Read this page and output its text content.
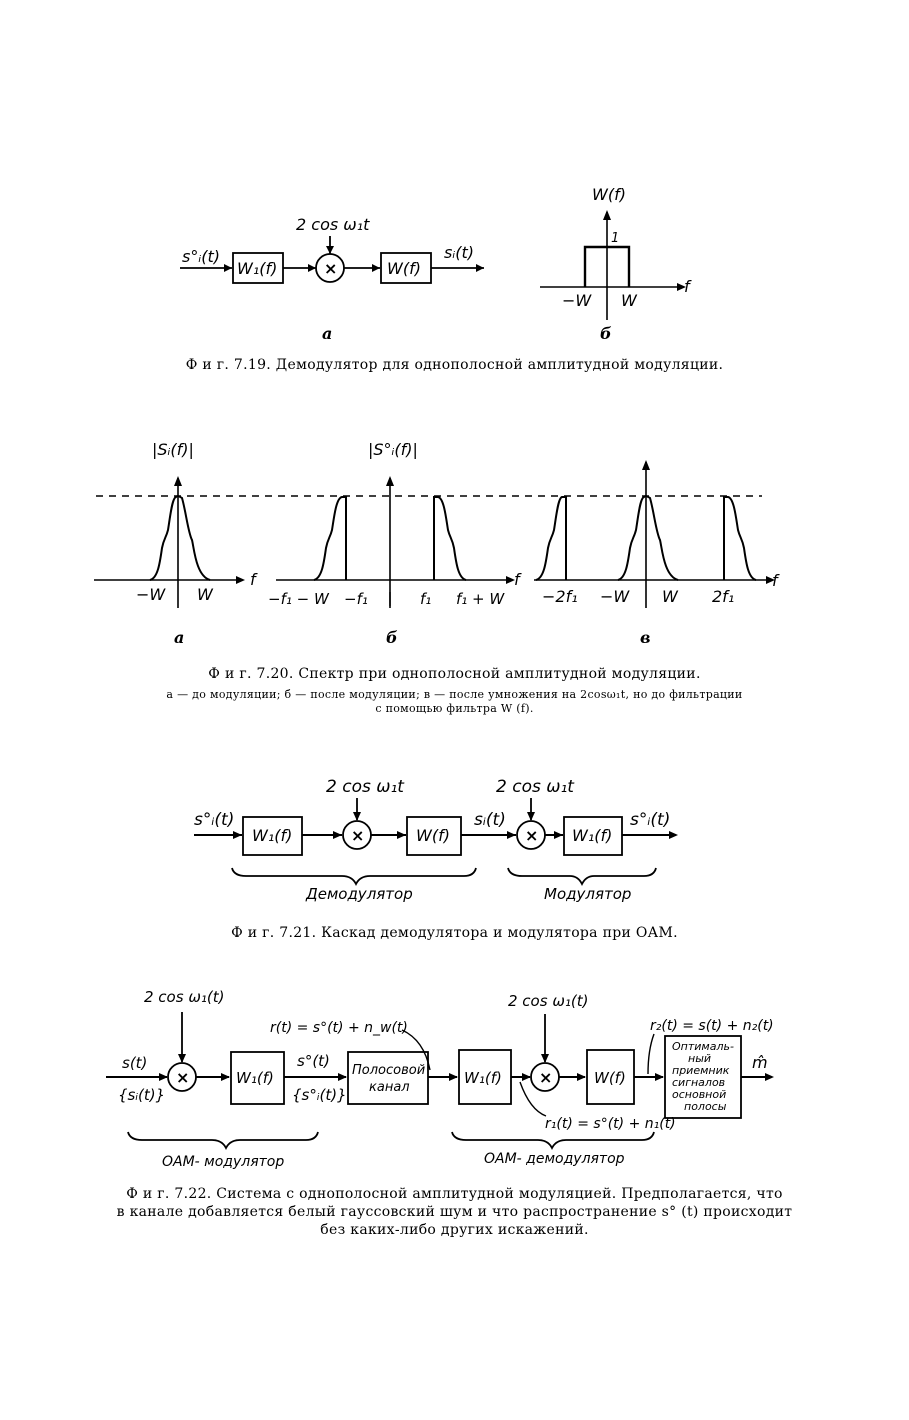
s°ᵢ(t)
W₁(f)	×
2 cos ω₁t
W(f)
sᵢ(t)
W(f)
f
1
−W W
а	б
Ф и г. 7.19. Демодулятор для однополосной амплитудной модуляции.
|Sᵢ(f)|
f
−W W
|S°ᵢ(f)|
f
−f₁ − W −f₁	f₁ f₁ + W
f
−2f₁ −W W 2f₁
а	б	в
Ф и г. 7.20. Спектр при однополосной амплитудной модуляции.
а — до модуляции; б — после модуляции; в — после умножения на 2cosω₁t, но до фильтрации
с помощью фильтра W (f).
s°ᵢ(t)
W₁(f)	×
2 cos ω₁t
W(f)
sᵢ(t)
×
2 cos ω₁t
W₁(f)
s°ᵢ(t)
Демодулятор	Модулятор
Ф и г. 7.21. Каскад демодулятора и модулятора при ОАМ.
2 cos ω₁(t)
s(t)
{sᵢ(t)}
×	W₁(f)
s°(t)
{s°ᵢ(t)}
Полосовой
канал
r(t) = s°(t) + n_w(t)
W₁(f) ×
2 cos ω₁(t)
W(f)
r₁(t) = s°(t) + n₁(t)
r₂(t) = s(t) + n₂(t)
Оптималь-
ный
приемник
сигналов
основной
полосы
m̂
ОАМ- модулятор	ОАМ- демодулятор
Ф и г. 7.22. Система с однополосной амплитудной модуляцией. Предполагается, что
в канале добавляется белый гауссовский шум и что распространение s° (t) происходит
без каких-либо других искажений.
